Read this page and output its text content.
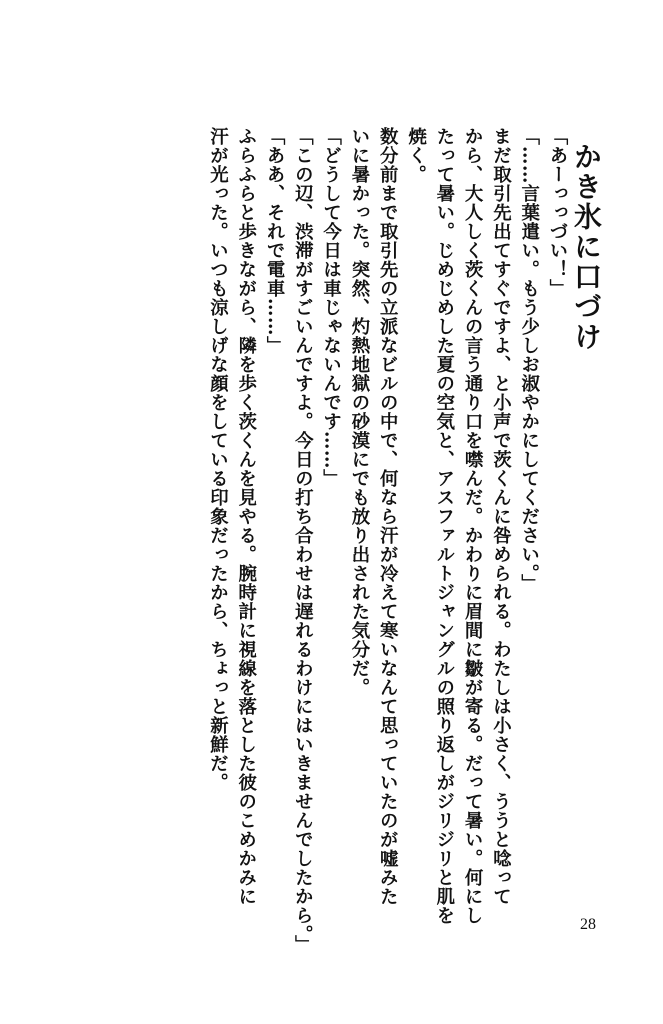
かき氷に口づけ
「あーっっづい！」
「……言葉遣い。もう少しお淑やかにしてください。」
まだ取引先出てすぐですよ、と小声で茨くんに咎められる。わたしは小さく、ううと唸って
から、大人しく茨くんの言う通り口を噤んだ。かわりに眉間に皺が寄る。だって暑い。何にし
たって暑い。じめじめした夏の空気と、アスファルトジャングルの照り返しがジリジリと肌を
焼く。
数分前まで取引先の立派なビルの中で、何なら汗が冷えて寒いなんて思っていたのが嘘みた
いに暑かった。突然、灼熱地獄の砂漠にでも放り出された気分だ。
「どうして今日は車じゃないんです……」
「この辺、渋滞がすごいんですよ。今日の打ち合わせは遅れるわけにはいきませんでしたから。」
「ああ、それで電車……」
ふらふらと歩きながら、隣を歩く茨くんを見やる。腕時計に視線を落とした彼のこめかみに
汗が光った。いつも涼しげな顔をしている印象だったから、ちょっと新鮮だ。
28
